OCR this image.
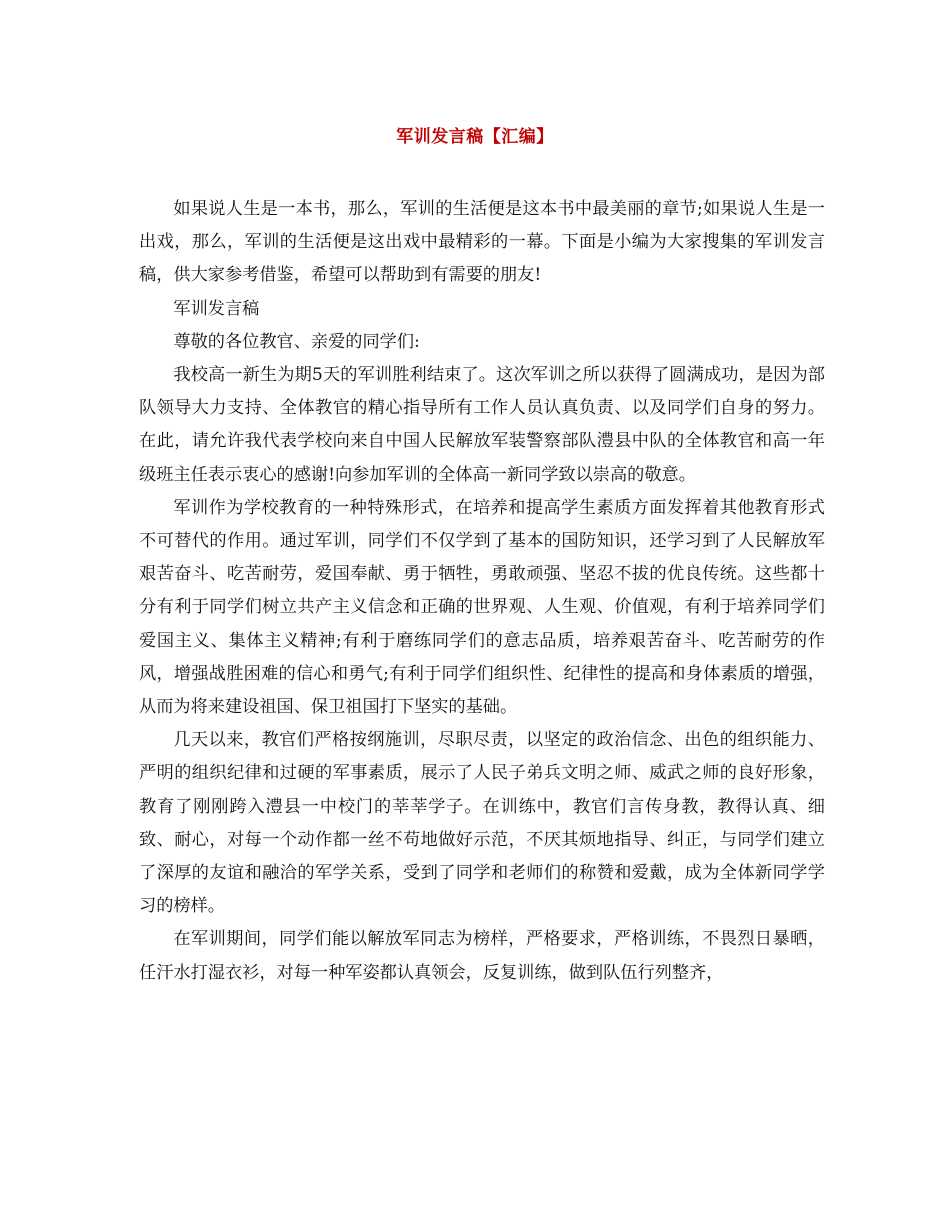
军训发言稿【汇编】

如果说人生是一本书，那么，军训的生活便是这本书中最美丽的章节;如果说人生是一出戏，那么，军训的生活便是这出戏中最精彩的一幕。下面是小编为大家搜集的军训发言稿，供大家参考借鉴，希望可以帮助到有需要的朋友!

军训发言稿

尊敬的各位教官、亲爱的同学们:

我校高一新生为期5天的军训胜利结束了。这次军训之所以获得了圆满成功，是因为部队领导大力支持、全体教官的精心指导所有工作人员认真负责、以及同学们自身的努力。在此，请允许我代表学校向来自中国人民解放军装警察部队澧县中队的全体教官和高一年级班主任表示衷心的感谢!向参加军训的全体高一新同学致以崇高的敬意。

军训作为学校教育的一种特殊形式，在培养和提高学生素质方面发挥着其他教育形式不可替代的作用。通过军训，同学们不仅学到了基本的国防知识，还学习到了人民解放军艰苦奋斗、吃苦耐劳，爱国奉献、勇于牺牲，勇敢顽强、坚忍不拔的优良传统。这些都十分有利于同学们树立共产主义信念和正确的世界观、人生观、价值观，有利于培养同学们爱国主义、集体主义精神;有利于磨练同学们的意志品质，培养艰苦奋斗、吃苦耐劳的作风，增强战胜困难的信心和勇气;有利于同学们组织性、纪律性的提高和身体素质的增强，从而为将来建设祖国、保卫祖国打下坚实的基础。

几天以来，教官们严格按纲施训，尽职尽责，以坚定的政治信念、出色的组织能力、严明的组织纪律和过硬的军事素质，展示了人民子弟兵文明之师、威武之师的良好形象，教育了刚刚跨入澧县一中校门的莘莘学子。在训练中，教官们言传身教，教得认真、细致、耐心，对每一个动作都一丝不苟地做好示范，不厌其烦地指导、纠正，与同学们建立了深厚的友谊和融洽的军学关系，受到了同学和老师们的称赞和爱戴，成为全体新同学学习的榜样。

在军训期间，同学们能以解放军同志为榜样，严格要求，严格训练，不畏烈日暴晒，任汗水打湿衣衫，对每一种军姿都认真领会，反复训练，做到队伍行列整齐，
